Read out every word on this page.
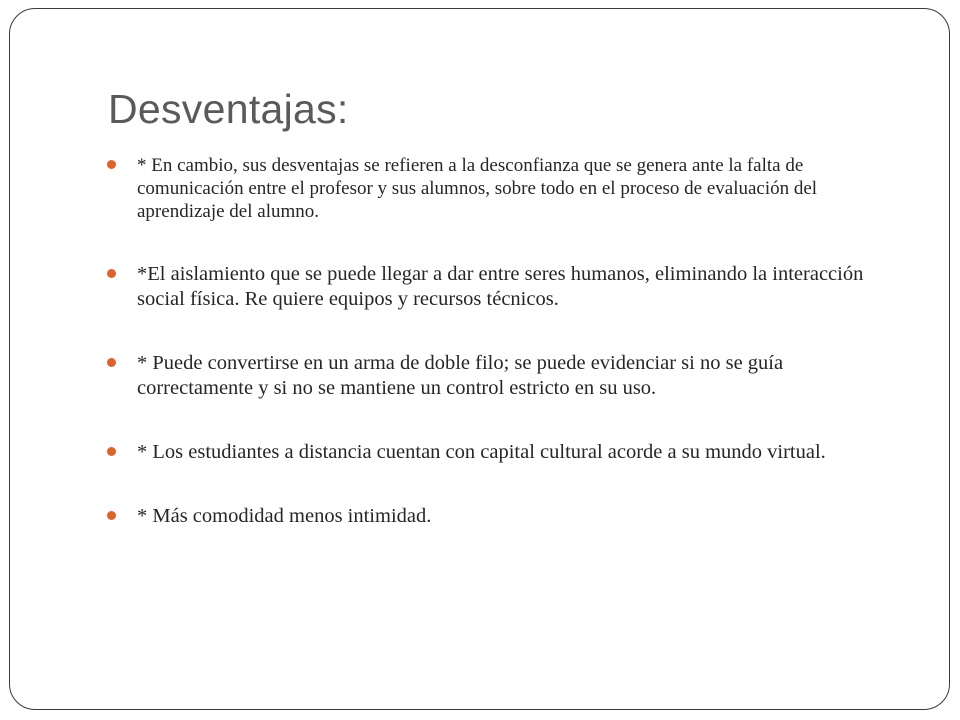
Desventajas:
* En cambio, sus desventajas se refieren a la desconfianza que se genera ante la falta de comunicación entre el profesor y sus alumnos, sobre todo en el proceso de evaluación del aprendizaje del alumno.
*El aislamiento que se puede llegar a dar entre seres humanos, eliminando la interacción social física. Re quiere equipos y recursos técnicos.
* Puede convertirse en un arma de doble filo; se puede evidenciar si no se guía correctamente y si no se mantiene un control estricto en su uso.
* Los estudiantes a distancia cuentan con capital cultural acorde a su mundo virtual.
* Más comodidad menos intimidad.
